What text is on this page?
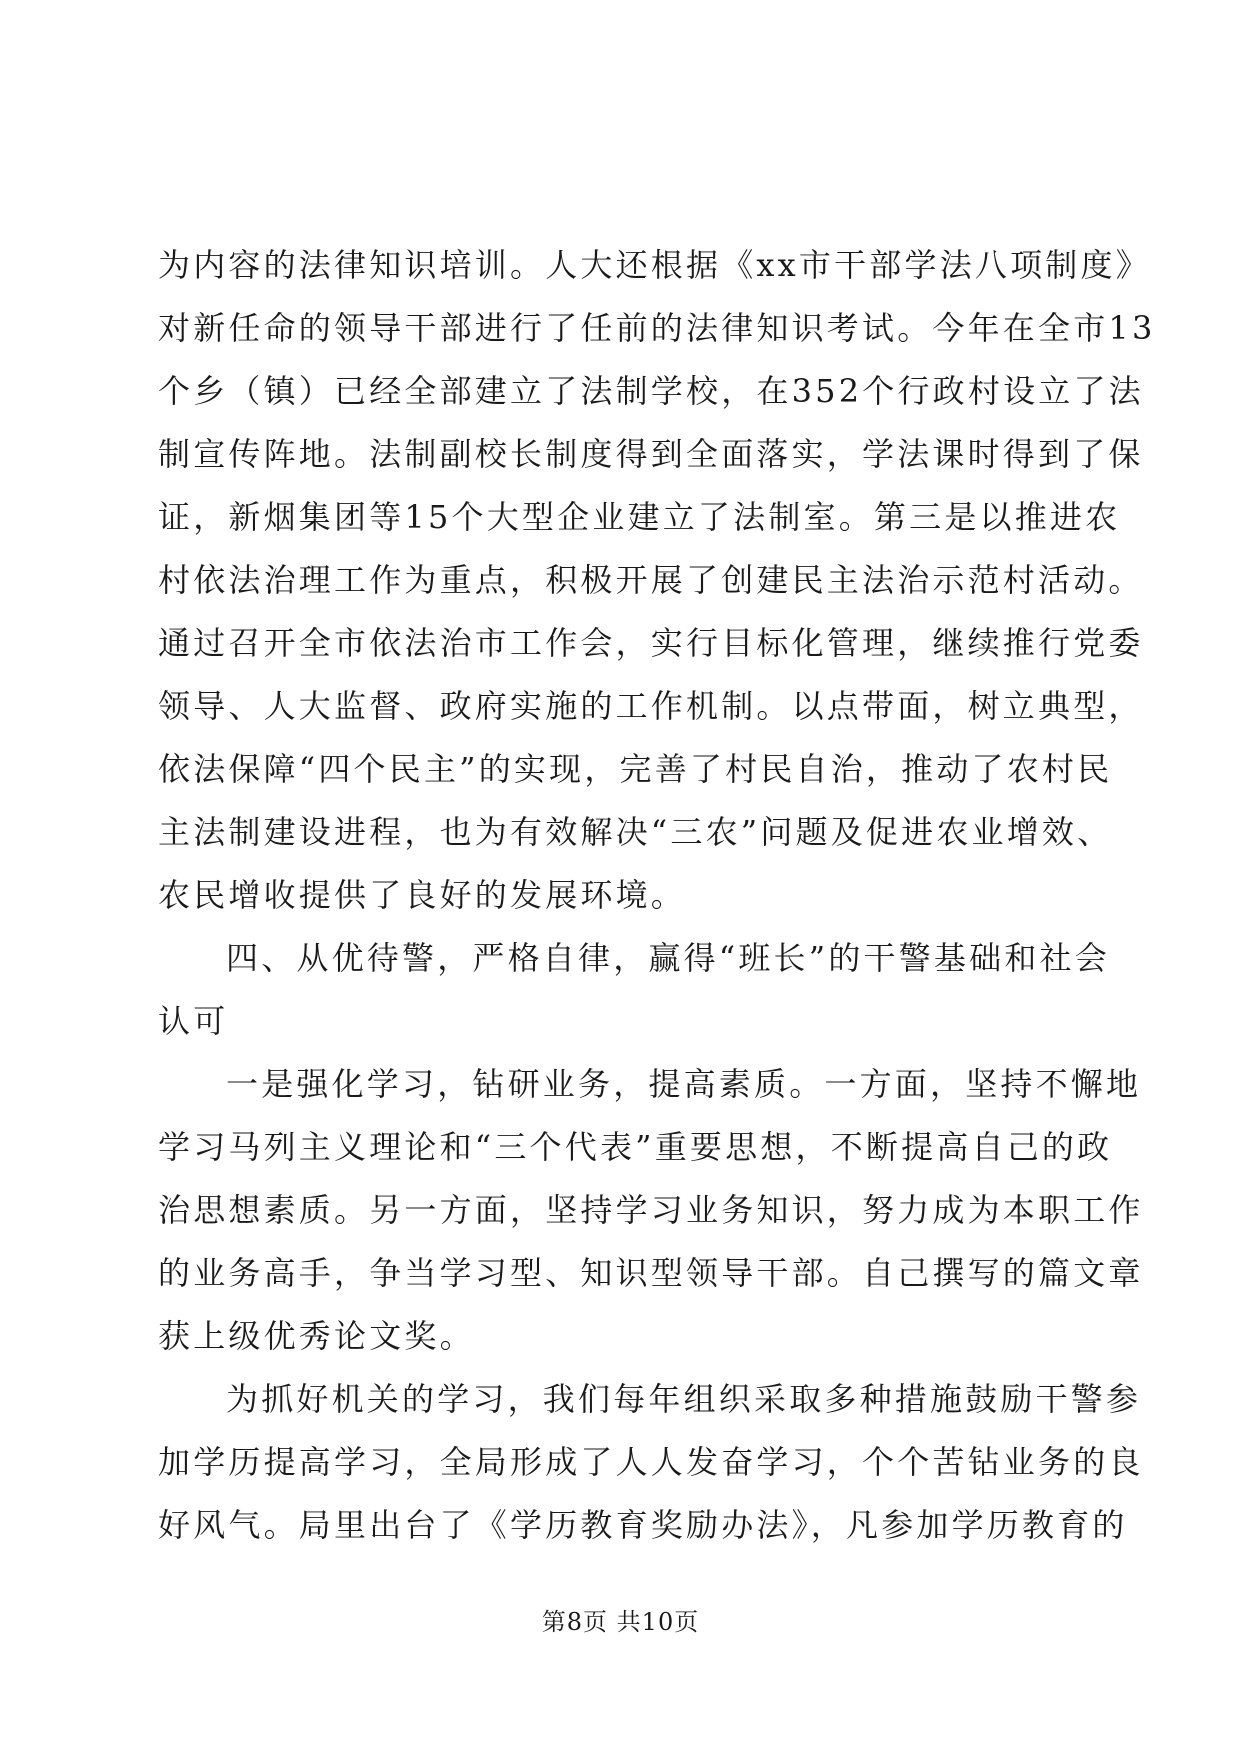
为内容的法律知识培训。人大还根据《xx市干部学法八项制度》
对新任命的领导干部进行了任前的法律知识考试。今年在全市13
个乡（镇）已经全部建立了法制学校，在352个行政村设立了法
制宣传阵地。法制副校长制度得到全面落实，学法课时得到了保
证，新烟集团等15个大型企业建立了法制室。第三是以推进农
村依法治理工作为重点，积极开展了创建民主法治示范村活动。
通过召开全市依法治市工作会，实行目标化管理，继续推行党委
领导、人大监督、政府实施的工作机制。以点带面，树立典型，
依法保障“四个民主”的实现，完善了村民自治，推动了农村民
主法制建设进程，也为有效解决“三农”问题及促进农业增效、
农民增收提供了良好的发展环境。
四、从优待警，严格自律，赢得“班长”的干警基础和社会
认可
一是强化学习，钻研业务，提高素质。一方面，坚持不懈地
学习马列主义理论和“三个代表”重要思想，不断提高自己的政
治思想素质。另一方面，坚持学习业务知识，努力成为本职工作
的业务高手，争当学习型、知识型领导干部。自己撰写的篇文章
获上级优秀论文奖。
为抓好机关的学习，我们每年组织采取多种措施鼓励干警参
加学历提高学习，全局形成了人人发奋学习，个个苦钻业务的良
好风气。局里出台了《学历教育奖励办法》，凡参加学历教育的
第8页 共10页
